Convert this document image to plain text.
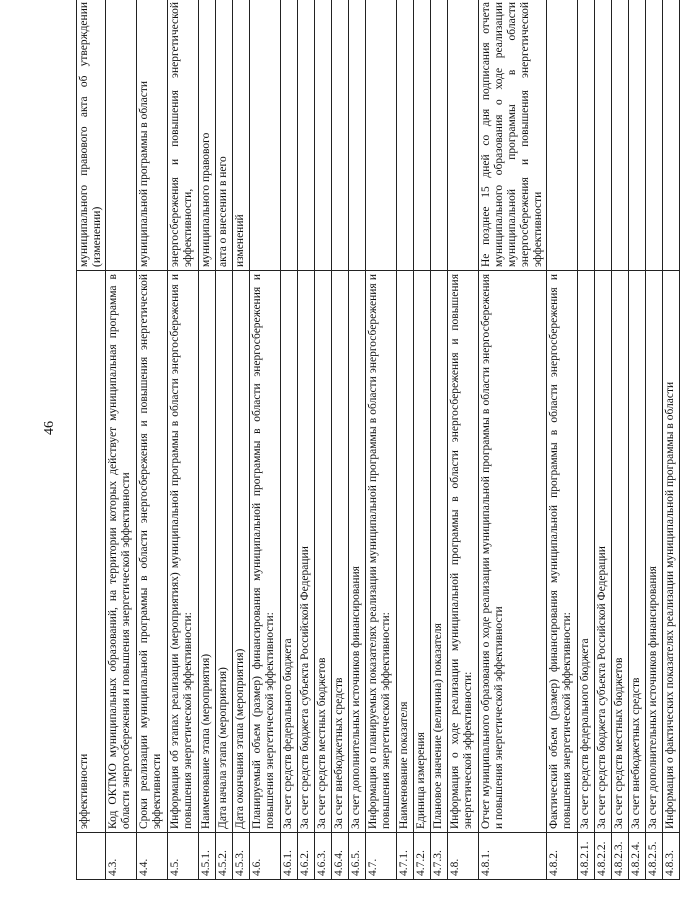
46
	эффективности	муниципального правового акта об утверждении (изменении)
4.3.	Код ОКТМО муниципальных образований, на территории которых действует муниципальная программа в области энергосбережения и повышения энергетической эффективности	
4.4.	Сроки реализации муниципальной программы в области энергосбережения и повышения энергетической эффективности	муниципальной программы в области
4.5.	Информация об этапах реализации (мероприятиях) муниципальной программы в области энергосбережения и повышения энергетической эффективности:	энергосбережения и повышения энергетической эффективности,
4.5.1.	Наименование этапа (мероприятия)	муниципального правового
4.5.2.	Дата начала этапа (мероприятия)	акта о внесении в него
4.5.3.	Дата окончания этапа (мероприятия)	изменений
4.6.	Планируемый объем (размер) финансирования муниципальной программы в области энергосбережения и повышения энергетической эффективности:	
4.6.1.	За счет средств федерального бюджета	
4.6.2.	За счет средств бюджета субъекта Российской Федерации	
4.6.3.	За счет средств местных бюджетов	
4.6.4.	За счет внебюджетных средств	
4.6.5.	За счет дополнительных источников финансирования	
4.7.	Информация о планируемых показателях реализации муниципальной программы в области энергосбережения и повышения энергетической эффективности:	
4.7.1.	Наименование показателя	
4.7.2.	Единица измерения	
4.7.3.	Плановое значение (величина) показателя	
4.8.	Информация о ходе реализации муниципальной программы в области энергосбережения и повышения энергетической эффективности:	
4.8.1.	Отчет муниципального образования о ходе реализации муниципальной программы в области энергосбережения и повышения энергетической эффективности	Не позднее 15 дней со дня подписания отчета муниципального образования о ходе реализации муниципальной программы в области энергосбережения и повышения энергетической эффективности
4.8.2.	Фактический объем (размер) финансирования муниципальной программы в области энергосбережения и повышения энергетической эффективности:	
4.8.2.1.	За счет средств федерального бюджета	
4.8.2.2.	За счет средств бюджета субъекта Российской Федерации	
4.8.2.3.	За счет средств местных бюджетов	
4.8.2.4.	За счет внебюджетных средств	
4.8.2.5.	За счет дополнительных источников финансирования	
4.8.3.	Информация о фактических показателях реализации муниципальной программы в области	
